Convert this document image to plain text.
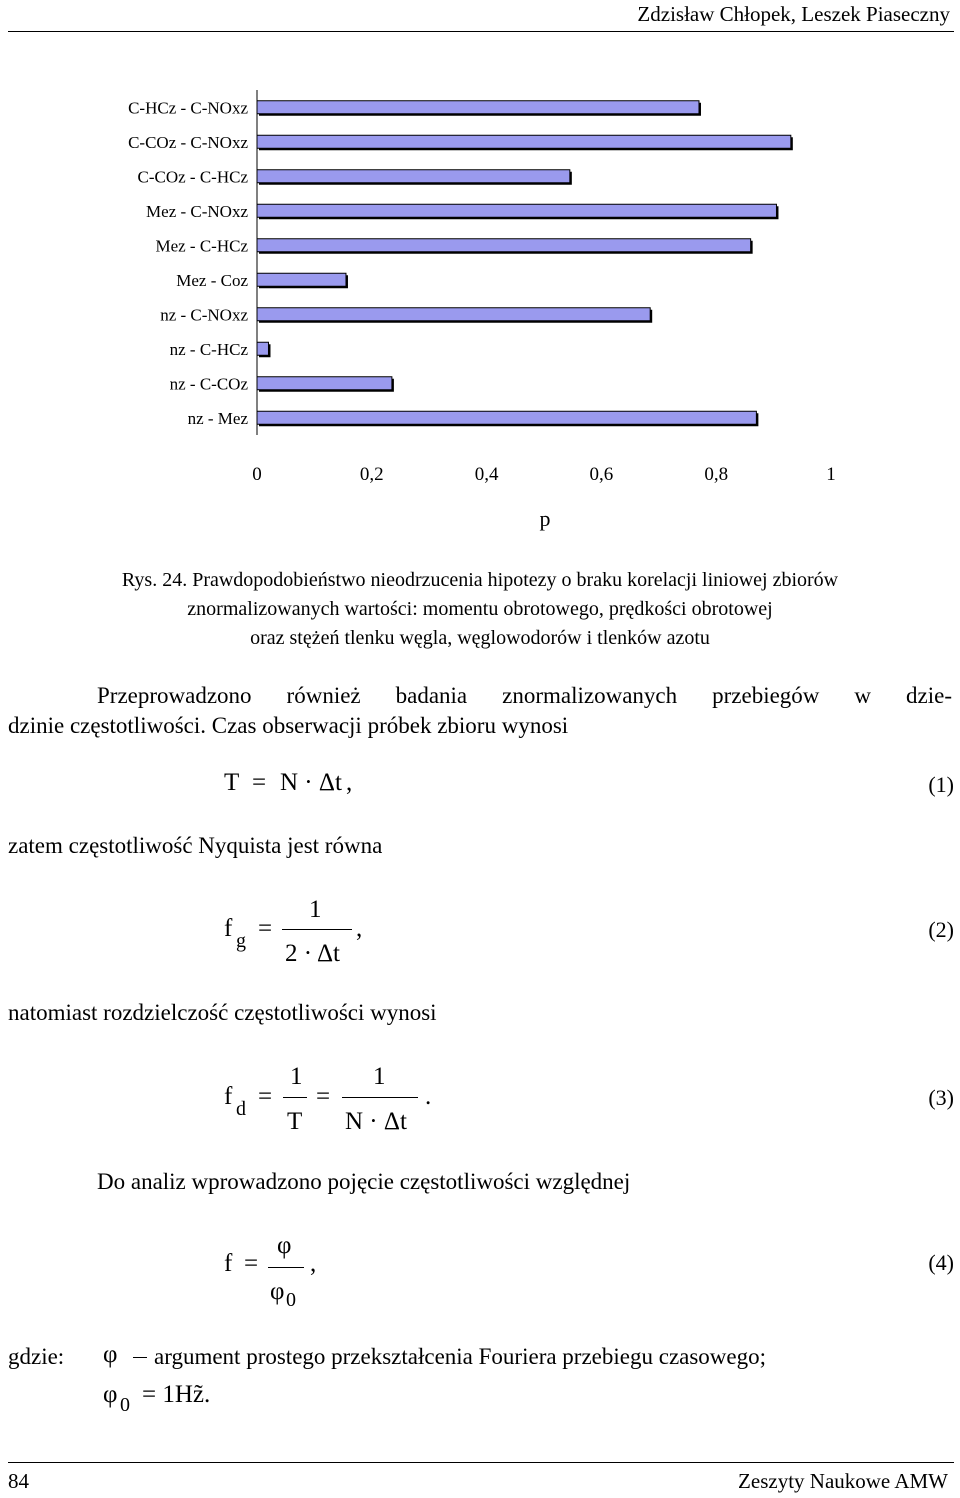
Zdzisław Chłopek, Leszek Piaseczny
C-HCz - C-NOxz
C-COz - C-NOxz
C-COz - C-HCz
Mez - C-NOxz
Mez - C-HCz
Mez - Coz
nz - C-NOxz
nz - C-HCz
nz - C-COz
nz - Mez
0	0,2	0,4	0,6	0,8	1
p
Rys. 24. Prawdopodobieństwo nieodrzucenia hipotezy o braku korelacji liniowej zbiorów
znormalizowanych wartości: momentu obrotowego, prędkości obrotowej
oraz stężeń tlenku węgla, węglowodorów i tlenków azotu
Przeprowadzono również badania znormalizowanych przebiegów w dzie-
dzinie częstotliwości. Czas obserwacji próbek zbioru wynosi
T = N · Δt ,	(1)
zatem częstotliwość Nyquista jest równa
f g =
1
2 · Δt
,	(2)
natomiast rozdzielczość częstotliwości wynosi
f d =
1
T
=
1
N · Δt
.	(3)
Do analiz wprowadzono pojęcie częstotliwości względnej
f =
φ
φ 0
,	(4)
gdzie: φ argument prostego przekształcenia Fouriera przebiegu czasowego;
φ 0 = 1Hz̃.
84	Zeszyty Naukowe AMW
